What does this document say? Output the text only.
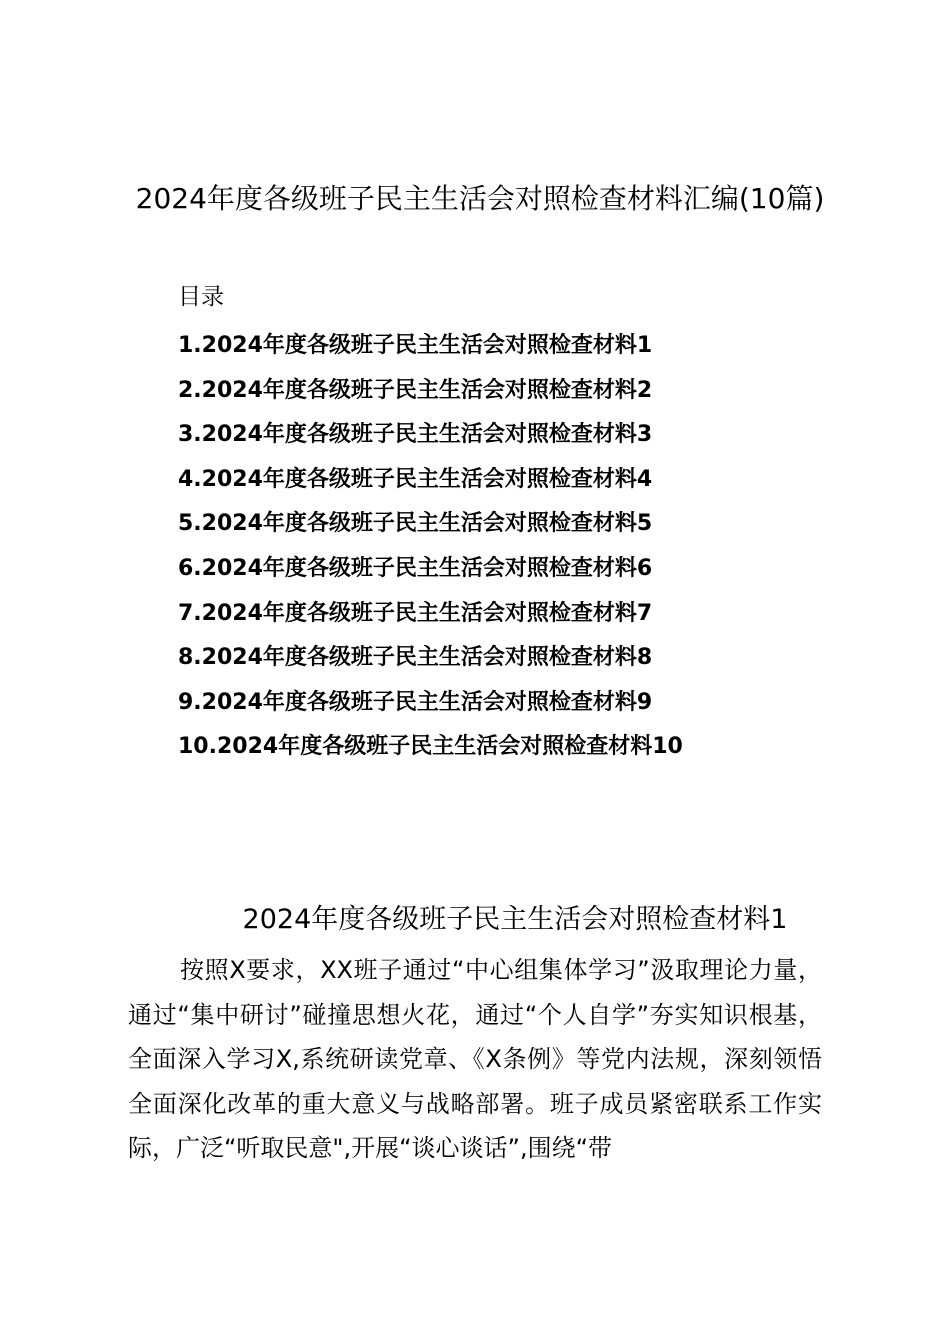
2024年度各级班子民主生活会对照检查材料汇编(10篇)
目录
1.2024年度各级班子民主生活会对照检查材料1
2.2024年度各级班子民主生活会对照检查材料2
3.2024年度各级班子民主生活会对照检查材料3
4.2024年度各级班子民主生活会对照检查材料4
5.2024年度各级班子民主生活会对照检查材料5
6.2024年度各级班子民主生活会对照检查材料6
7.2024年度各级班子民主生活会对照检查材料7
8.2024年度各级班子民主生活会对照检查材料8
9.2024年度各级班子民主生活会对照检查材料9
10.2024年度各级班子民主生活会对照检查材料10
2024年度各级班子民主生活会对照检查材料1

按照X要求，XX班子通过“中心组集体学习”汲取理论力量，通过“集中研讨”碰撞思想火花，通过“个人自学”夯实知识根基，全面深入学习X,系统研读党章、《X条例》等党内法规，深刻领悟全面深化改革的重大意义与战略部署。班子成员紧密联系工作实际，广泛“听取民意",开展“谈心谈话”,围绕“带
